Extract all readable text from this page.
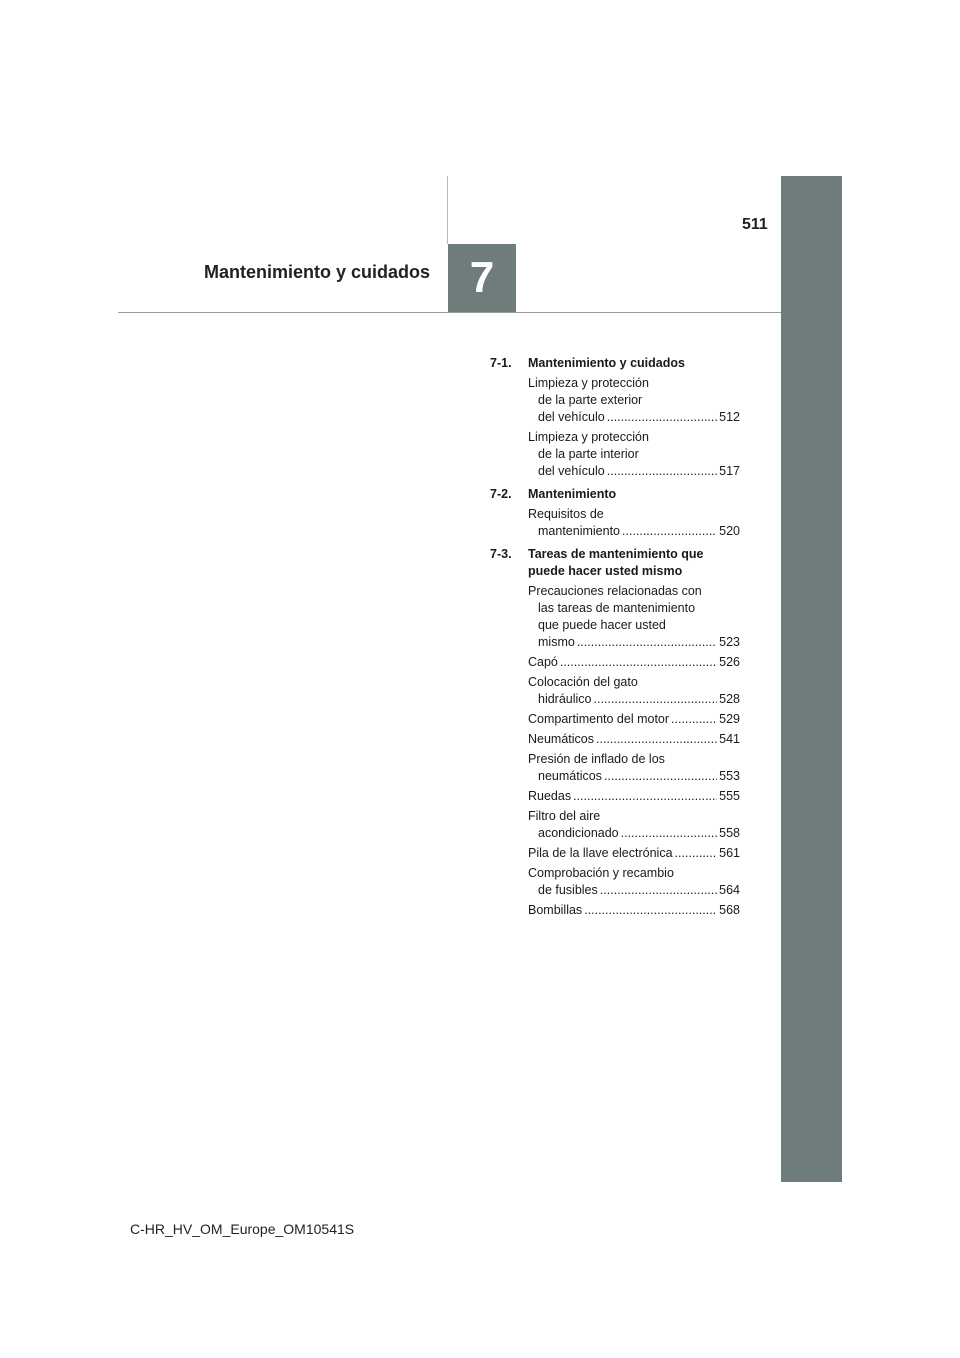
511
Mantenimiento y cuidados 7
7-1.	Mantenimiento y cuidados
Limpieza y protección
de la parte exterior
del vehículo .....	512
Limpieza y protección
de la parte interior
del vehículo .....	517
7-2.	Mantenimiento
Requisitos de
mantenimiento .....	520
7-3.	Tareas de mantenimiento que
puede hacer usted mismo
Precauciones relacionadas con
las tareas de mantenimiento
que puede hacer usted
mismo .....	523
Capó .....	526
Colocación del gato
hidráulico .....	528
Compartimento del motor .....	529
Neumáticos .....	541
Presión de inflado de los
neumáticos .....	553
Ruedas .....	555
Filtro del aire
acondicionado .....	558
Pila de la llave electrónica .....	561
Comprobación y recambio
de fusibles .....	564
Bombillas .....	568
C-HR_HV_OM_Europe_OM10541S
